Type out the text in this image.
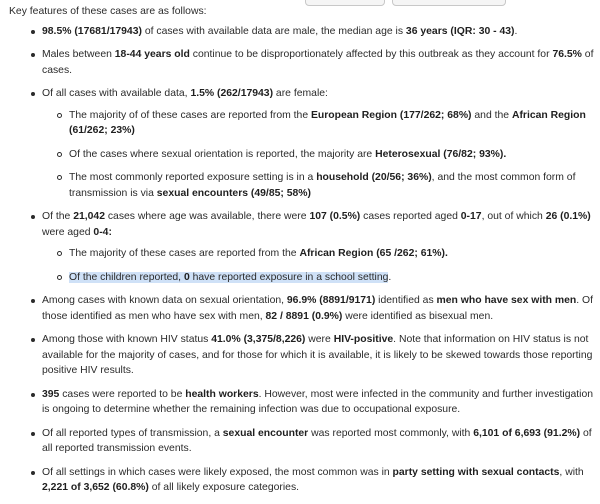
Key features of these cases are as follows:

98.5% (17681/17943) of cases with available data are male, the median age is 36 years (IQR: 30 - 43).
Males between 18-44 years old continue to be disproportionately affected by this outbreak as they account for 76.5% of cases.
Of all cases with available data, 1.5% (262/17943) are female:
The majority of of these cases are reported from the European Region (177/262; 68%) and the African Region (61/262; 23%)
Of the cases where sexual orientation is reported, the majority are Heterosexual (76/82; 93%).
The most commonly reported exposure setting is in a household (20/56; 36%), and the most common form of transmission is via sexual encounters (49/85; 58%)
Of the 21,042 cases where age was available, there were 107 (0.5%) cases reported aged 0-17, out of which 26 (0.1%) were aged 0-4:
The majority of these cases are reported from the African Region (65 /262; 61%).
Of the children reported, 0 have reported exposure in a school setting.
Among cases with known data on sexual orientation, 96.9% (8891/9171) identified as men who have sex with men. Of those identified as men who have sex with men, 82 / 8891 (0.9%) were identified as bisexual men.
Among those with known HIV status 41.0% (3,375/8,226) were HIV-positive. Note that information on HIV status is not available for the majority of cases, and for those for which it is available, it is likely to be skewed towards those reporting positive HIV results.
395 cases were reported to be health workers. However, most were infected in the community and further investigation is ongoing to determine whether the remaining infection was due to occupational exposure.
Of all reported types of transmission, a sexual encounter was reported most commonly, with 6,101 of 6,693 (91.2%) of all reported transmission events.
Of all settings in which cases were likely exposed, the most common was in party setting with sexual contacts, with 2,221 of 3,652 (60.8%) of all likely exposure categories.
